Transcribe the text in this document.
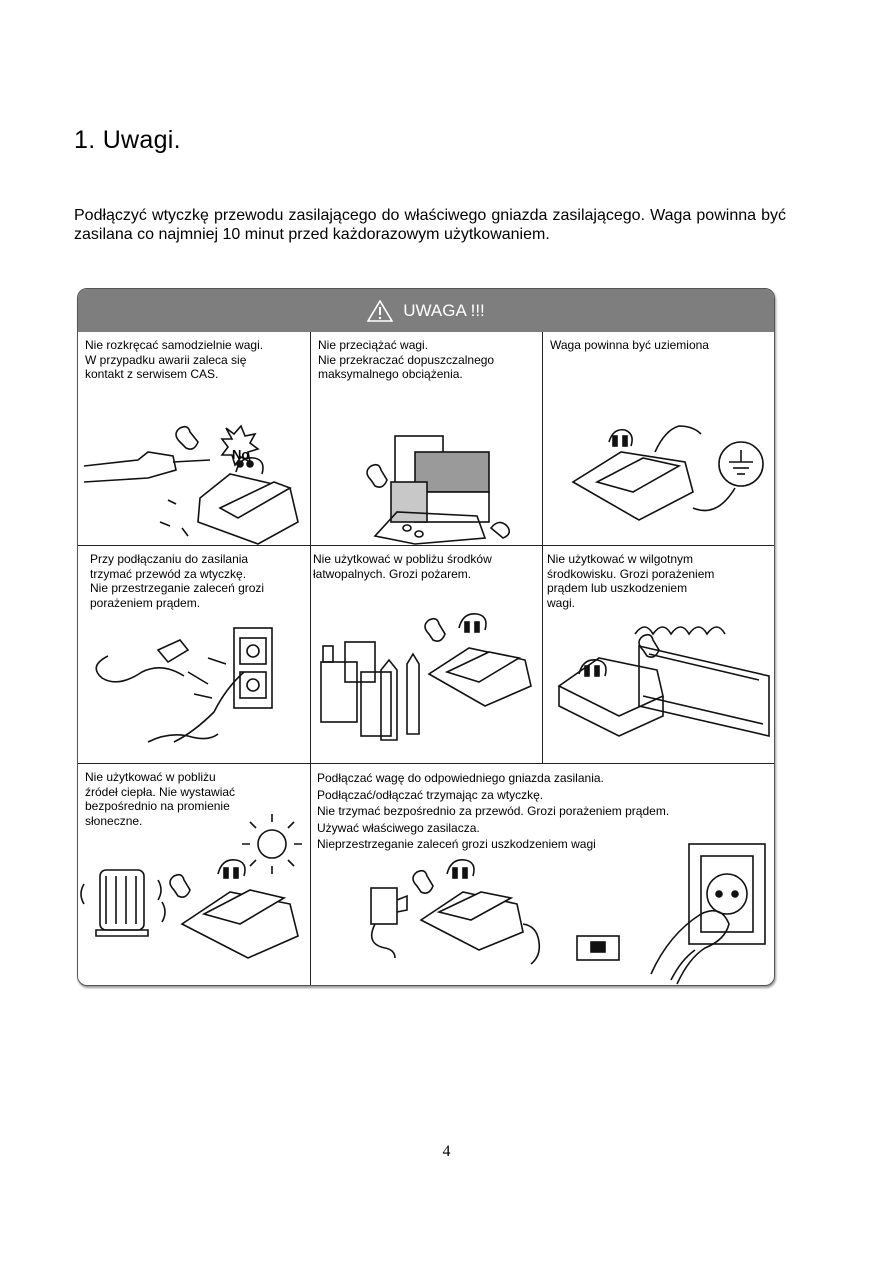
1. Uwagi.

Podłączyć wtyczkę przewodu zasilającego do właściwego gniazda zasilającego. Waga powinna być zasilana co najmniej 10 minut przed każdorazowym użytkowaniem.

UWAGA !!!
Nie rozkręcać samodzielnie wagi.
W przypadku awarii zaleca się
kontakt z serwisem CAS.
No
Nie przeciążać wagi.
Nie przekraczać dopuszczalnego
maksymalnego obciążenia.
Waga powinna być uziemiona
Przy podłączaniu do zasilania
trzymać przewód za wtyczkę.
Nie przestrzeganie zaleceń grozi
porażeniem prądem.
Nie użytkować w pobliżu środków
łatwopalnych. Grozi pożarem.
Nie użytkować w wilgotnym
środkowisku. Grozi porażeniem
prądem lub uszkodzeniem
wagi.
Nie użytkować w pobliżu
źródeł ciepła. Nie wystawiać
bezpośrednio na promienie
słoneczne.
Podłączać wagę do odpowiedniego gniazda zasilania.
Podłączać/odłączać trzymając za wtyczkę.
Nie trzymać bezpośrednio za przewód. Grozi porażeniem prądem.
Używać właściwego zasilacza.
Nieprzestrzeganie zaleceń grozi uszkodzeniem wagi
4
